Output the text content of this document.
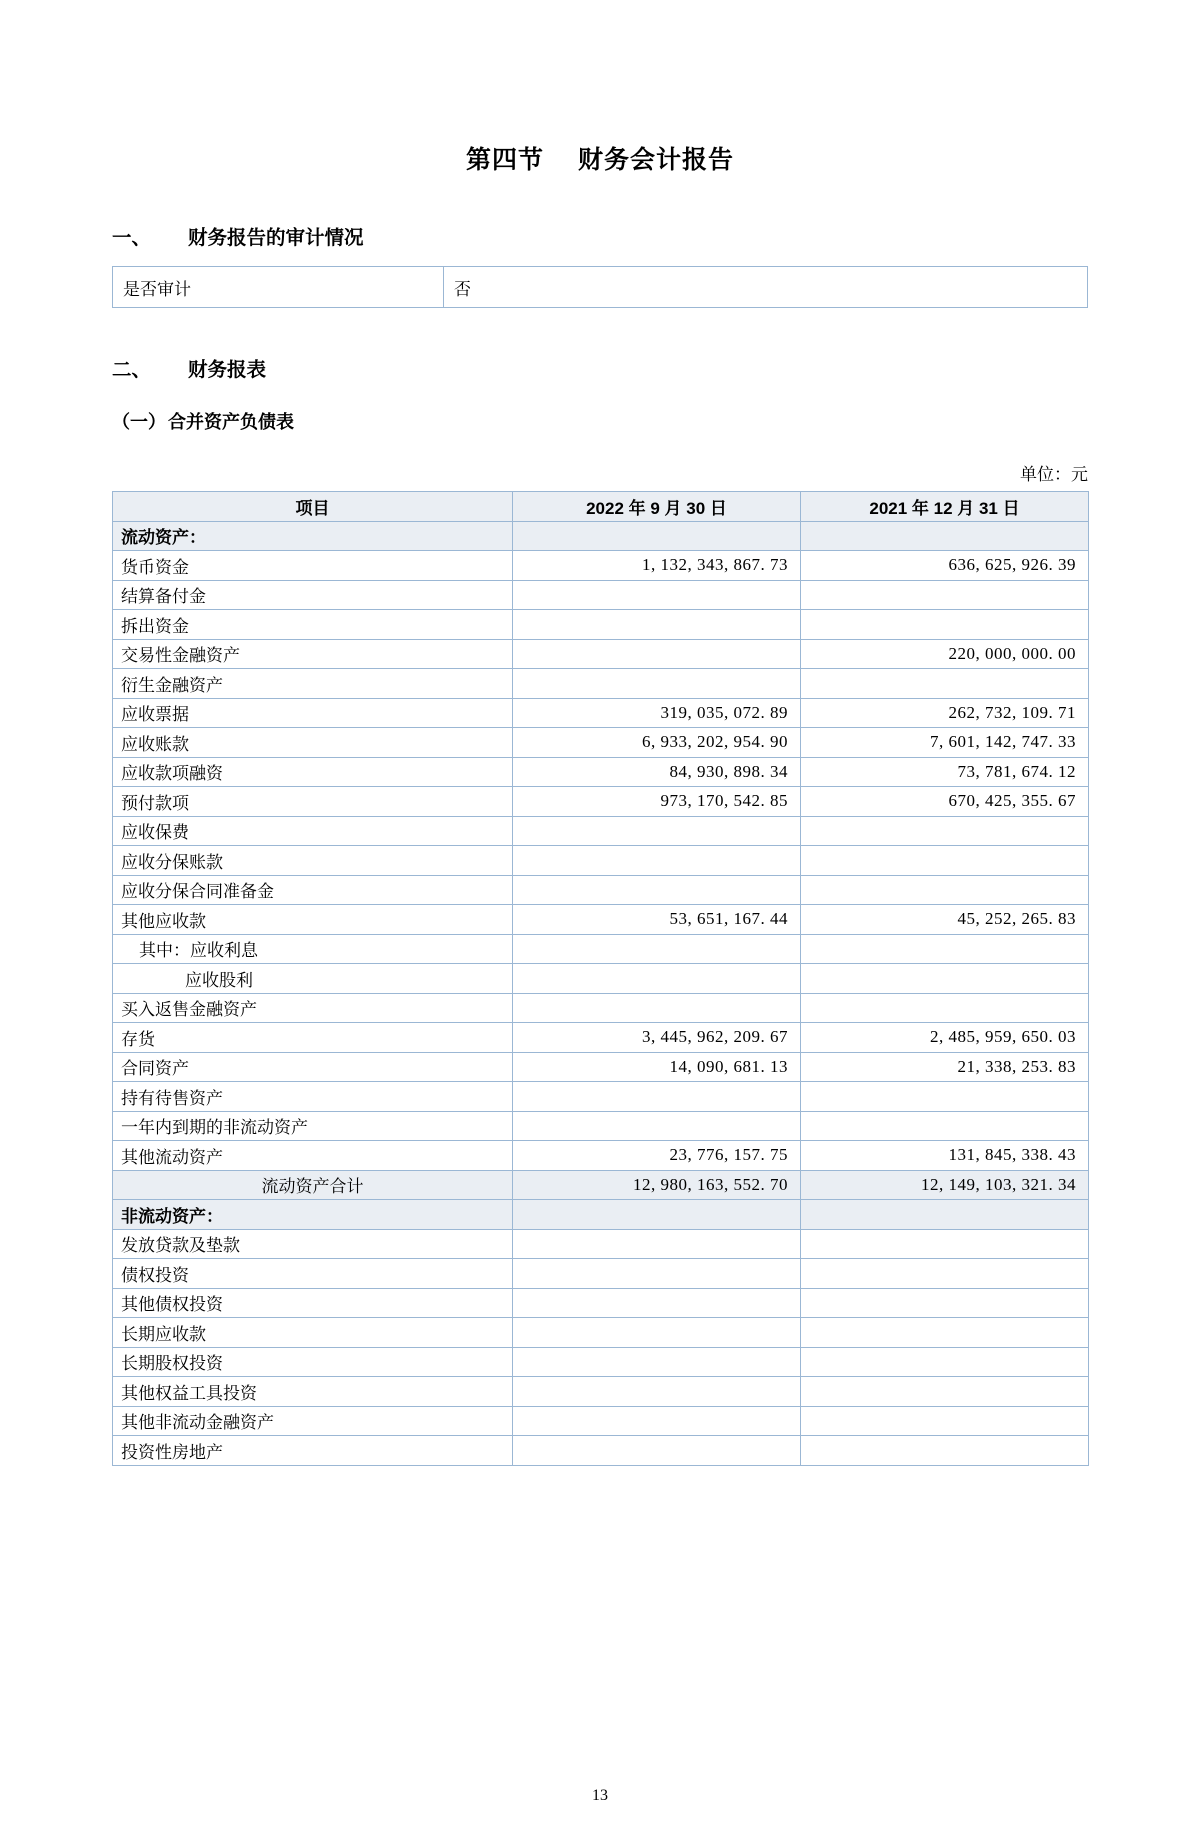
第四节 财务会计报告
一、 财务报告的审计情况
是否审计	否
二、 财务报表
（一） 合并资产负债表
单位：元
项目	2022 年 9 月 30 日	2021 年 12 月 31 日
流动资产：		
货币资金	1, 132, 343, 867. 73	636, 625, 926. 39
结算备付金		
拆出资金		
交易性金融资产		220, 000, 000. 00
衍生金融资产		
应收票据	319, 035, 072. 89	262, 732, 109. 71
应收账款	6, 933, 202, 954. 90	7, 601, 142, 747. 33
应收款项融资	84, 930, 898. 34	73, 781, 674. 12
预付款项	973, 170, 542. 85	670, 425, 355. 67
应收保费		
应收分保账款		
应收分保合同准备金		
其他应收款	53, 651, 167. 44	45, 252, 265. 83
其中：应收利息		
应收股利		
买入返售金融资产		
存货	3, 445, 962, 209. 67	2, 485, 959, 650. 03
合同资产	14, 090, 681. 13	21, 338, 253. 83
持有待售资产		
一年内到期的非流动资产		
其他流动资产	23, 776, 157. 75	131, 845, 338. 43
流动资产合计	12, 980, 163, 552. 70	12, 149, 103, 321. 34
非流动资产：		
发放贷款及垫款		
债权投资		
其他债权投资		
长期应收款		
长期股权投资		
其他权益工具投资		
其他非流动金融资产		
投资性房地产		
13
